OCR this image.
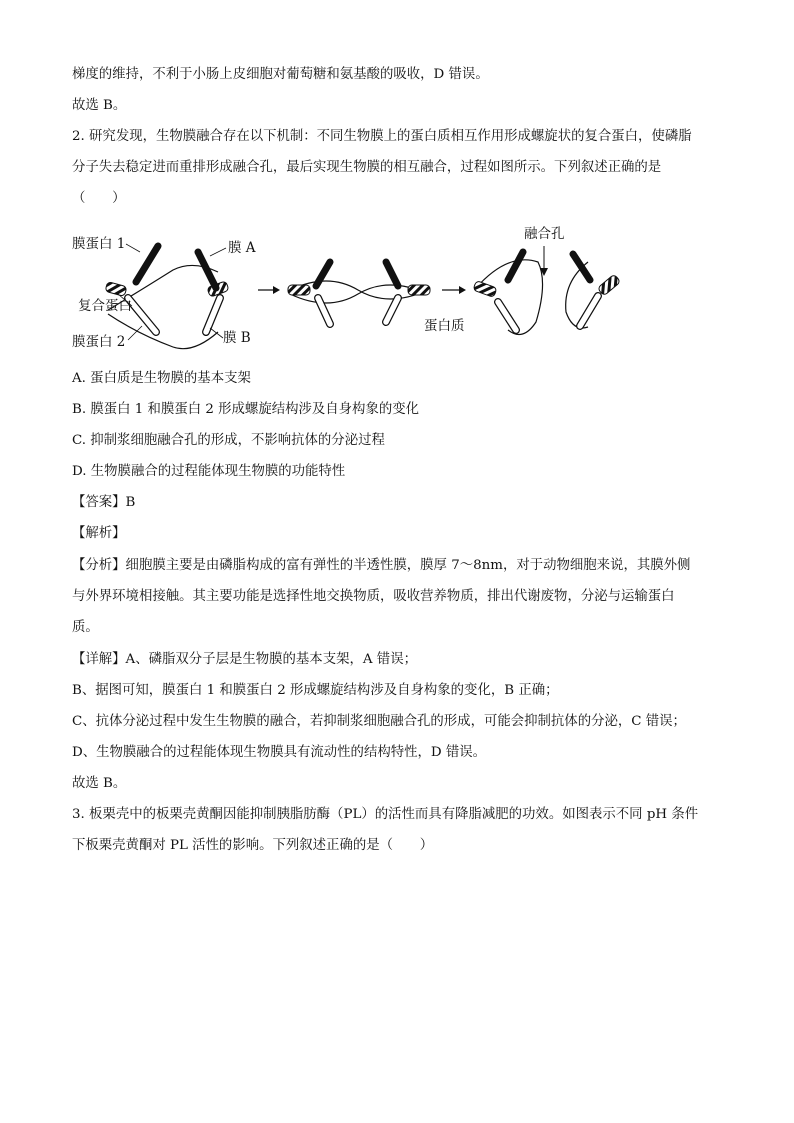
梯度的维持，不利于小肠上皮细胞对葡萄糖和氨基酸的吸收，D 错误。
故选 B。
2. 研究发现，生物膜融合存在以下机制：不同生物膜上的蛋白质相互作用形成螺旋状的复合蛋白，使磷脂
分子失去稳定进而重排形成融合孔，最后实现生物膜的相互融合，过程如图所示。下列叙述正确的是
（　　）
膜蛋白 1	膜 A
复合蛋白
膜蛋白 2	膜 B
融合孔
蛋白质
A. 蛋白质是生物膜的基本支架
B. 膜蛋白 1 和膜蛋白 2 形成螺旋结构涉及自身构象的变化
C. 抑制浆细胞融合孔的形成，不影响抗体的分泌过程
D. 生物膜融合的过程能体现生物膜的功能特性
【答案】B
【解析】
【分析】细胞膜主要是由磷脂构成的富有弹性的半透性膜，膜厚 7～8nm，对于动物细胞来说，其膜外侧
与外界环境相接触。其主要功能是选择性地交换物质，吸收营养物质，排出代谢废物，分泌与运输蛋白
质。
【详解】A、磷脂双分子层是生物膜的基本支架，A 错误；
B、据图可知，膜蛋白 1 和膜蛋白 2 形成螺旋结构涉及自身构象的变化，B 正确；
C、抗体分泌过程中发生生物膜的融合，若抑制浆细胞融合孔的形成，可能会抑制抗体的分泌，C 错误；
D、生物膜融合的过程能体现生物膜具有流动性的结构特性，D 错误。
故选 B。
3. 板栗壳中的板栗壳黄酮因能抑制胰脂肪酶（PL）的活性而具有降脂减肥的功效。如图表示不同 pH 条件
下板栗壳黄酮对 PL 活性的影响。下列叙述正确的是（　　）
